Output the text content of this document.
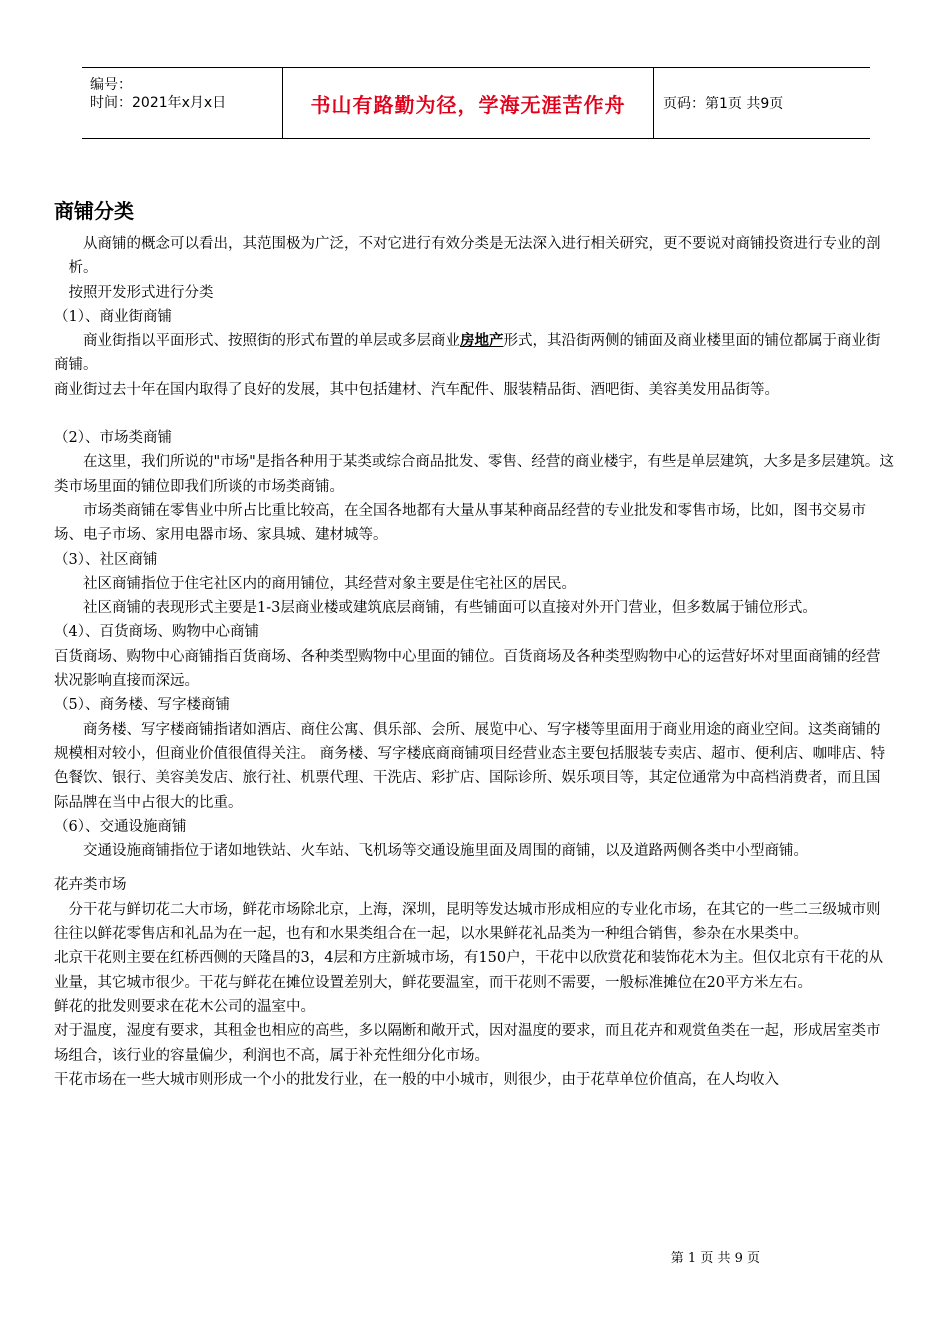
编号：
时间：2021年x月x日	书山有路勤为径，学海无涯苦作舟	页码：第1页 共9页
商铺分类

从商铺的概念可以看出，其范围极为广泛，不对它进行有效分类是无法深入进行相关研究，更不要说对商铺投资进行专业的剖析。

按照开发形式进行分类

（1）、商业街商铺

商业街指以平面形式、按照街的形式布置的单层或多层商业房地产形式，其沿街两侧的铺面及商业楼里面的铺位都属于商业街商铺。

商业街过去十年在国内取得了良好的发展，其中包括建材、汽车配件、服装精品街、酒吧街、美容美发用品街等。

（2）、市场类商铺

在这里，我们所说的"市场"是指各种用于某类或综合商品批发、零售、经营的商业楼宇，有些是单层建筑，大多是多层建筑。这类市场里面的铺位即我们所谈的市场类商铺。

市场类商铺在零售业中所占比重比较高，在全国各地都有大量从事某种商品经营的专业批发和零售市场，比如，图书交易市场、电子市场、家用电器市场、家具城、建材城等。

（3）、社区商铺

社区商铺指位于住宅社区内的商用铺位，其经营对象主要是住宅社区的居民。

社区商铺的表现形式主要是1-3层商业楼或建筑底层商铺，有些铺面可以直接对外开门营业，但多数属于铺位形式。

（4）、百货商场、购物中心商铺

百货商场、购物中心商铺指百货商场、各种类型购物中心里面的铺位。百货商场及各种类型购物中心的运营好坏对里面商铺的经营状况影响直接而深远。

（5）、商务楼、写字楼商铺

商务楼、写字楼商铺指诸如酒店、商住公寓、俱乐部、会所、展览中心、写字楼等里面用于商业用途的商业空间。这类商铺的规模相对较小，但商业价值很值得关注。 商务楼、写字楼底商商铺项目经营业态主要包括服装专卖店、超市、便利店、咖啡店、特色餐饮、银行、美容美发店、旅行社、机票代理、干洗店、彩扩店、国际诊所、娱乐项目等，其定位通常为中高档消费者，而且国际品牌在当中占很大的比重。

（6）、交通设施商铺

交通设施商铺指位于诸如地铁站、火车站、飞机场等交通设施里面及周围的商铺，以及道路两侧各类中小型商铺。

花卉类市场

分干花与鲜切花二大市场，鲜花市场除北京，上海，深圳，昆明等发达城市形成相应的专业化市场，在其它的一些二三级城市则往往以鲜花零售店和礼品为在一起，也有和水果类组合在一起，以水果鲜花礼品类为一种组合销售，参杂在水果类中。

北京干花则主要在红桥西侧的天隆昌的3，4层和方庄新城市场，有150户，干花中以欣赏花和装饰花木为主。但仅北京有干花的从业量，其它城市很少。干花与鲜花在摊位设置差别大，鲜花要温室，而干花则不需要，一般标准摊位在20平方米左右。

鲜花的批发则要求在花木公司的温室中。

对于温度，湿度有要求，其租金也相应的高些，多以隔断和敞开式，因对温度的要求，而且花卉和观赏鱼类在一起，形成居室类市场组合，该行业的容量偏少，利润也不高，属于补充性细分化市场。

干花市场在一些大城市则形成一个小的批发行业，在一般的中小城市，则很少，由于花草单位价值高，在人均收入

第 1 页 共 9 页
